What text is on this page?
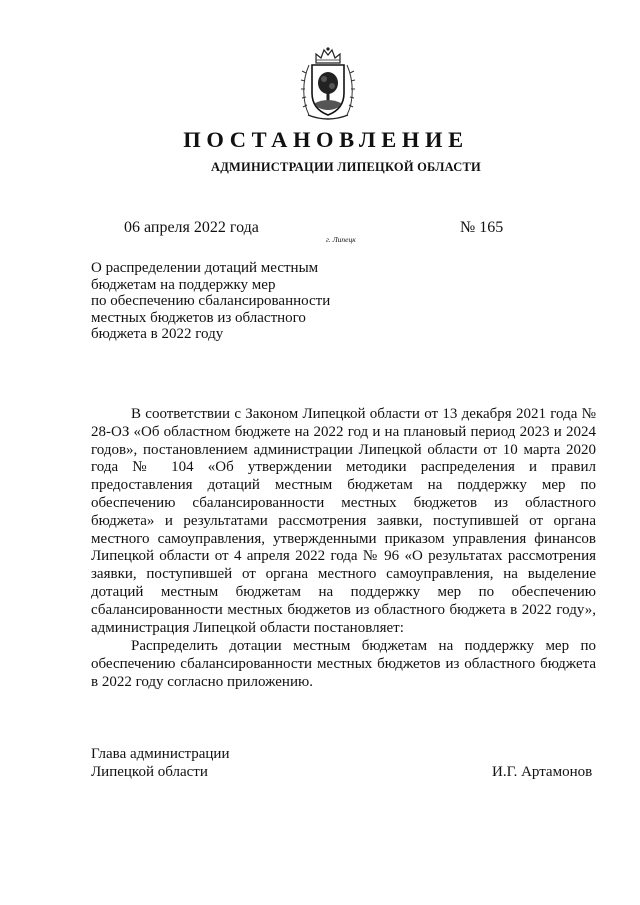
ПОСТАНОВЛЕНИЕ
АДМИНИСТРАЦИИ ЛИПЕЦКОЙ ОБЛАСТИ
06 апреля 2022 года
г. Липецк
№ 165
О распределении дотаций местным
бюджетам на поддержку мер
по обеспечению сбалансированности
местных бюджетов из областного
бюджета в 2022 году

В соответствии с Законом Липецкой области от 13 декабря 2021 года № 28-ОЗ «Об областном бюджете на 2022 год и на плановый период 2023 и 2024 годов», постановлением администрации Липецкой области от 10 марта 2020 года № 104 «Об утверждении методики распределения и правил предоставления дотаций местным бюджетам на поддержку мер по обеспечению сбалансированности местных бюджетов из областного бюджета» и результатами рассмотрения заявки, поступившей от органа местного самоуправления, утвержденными приказом управления финансов Липецкой области от 4 апреля 2022 года № 96 «О результатах рассмотрения заявки, поступившей от органа местного самоуправления, на выделение дотаций местным бюджетам на поддержку мер по обеспечению сбалансированности местных бюджетов из областного бюджета в 2022 году», администрация Липецкой области постановляет:

Распределить дотации местным бюджетам на поддержку мер по обеспечению сбалансированности местных бюджетов из областного бюджета в 2022 году согласно приложению.

Глава администрации
Липецкой области	И.Г. Артамонов
